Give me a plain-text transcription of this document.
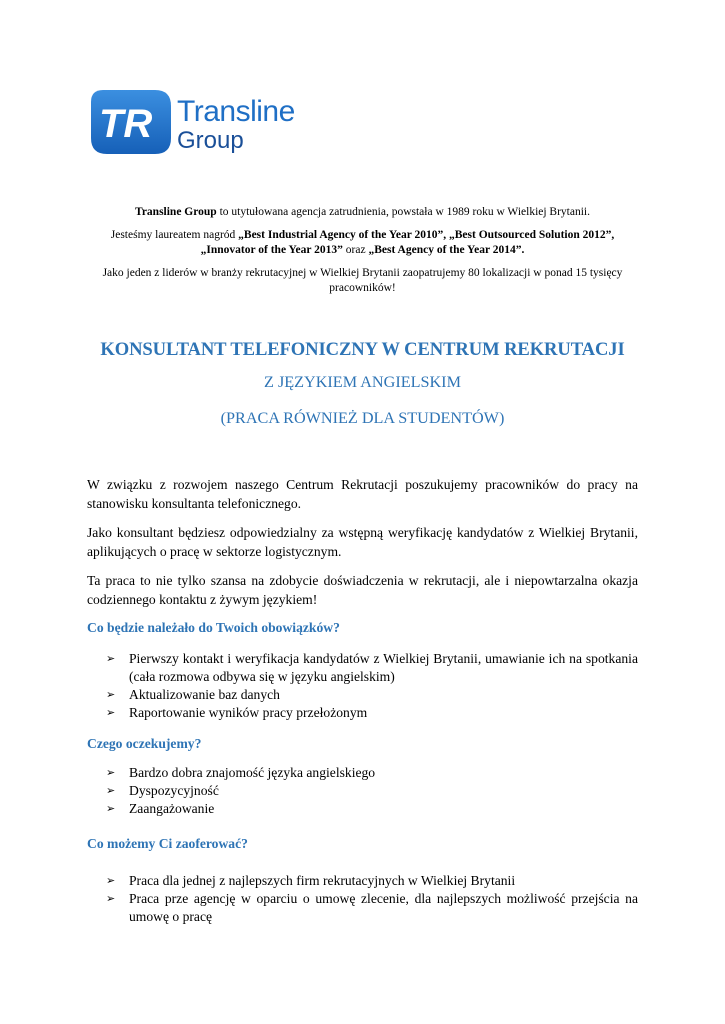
TR Transline
Group
Transline Group to utytułowana agencja zatrudnienia, powstała w 1989 roku w Wielkiej Brytanii.
Jesteśmy laureatem nagród „Best Industrial Agency of the Year 2010”, „Best Outsourced Solution 2012”, „Innovator of the Year 2013” oraz „Best Agency of the Year 2014”.
Jako jeden z liderów w branży rekrutacyjnej w Wielkiej Brytanii zaopatrujemy 80 lokalizacji w ponad 15 tysięcy pracowników!
KONSULTANT TELEFONICZNY W CENTRUM REKRUTACJI
Z JĘZYKIEM ANGIELSKIM
(PRACA RÓWNIEŻ DLA STUDENTÓW)
W związku z rozwojem naszego Centrum Rekrutacji poszukujemy pracowników do pracy na stanowisku konsultanta telefonicznego.
Jako konsultant będziesz odpowiedzialny za wstępną weryfikację kandydatów z Wielkiej Brytanii, aplikujących o pracę w sektorze logistycznym.
Ta praca to nie tylko szansa na zdobycie doświadczenia w rekrutacji, ale i niepowtarzalna okazja codziennego kontaktu z żywym językiem!
Co będzie należało do Twoich obowiązków?
➢ Pierwszy kontakt i weryfikacja kandydatów z Wielkiej Brytanii, umawianie ich na spotkania (cała rozmowa odbywa się w języku angielskim)
➢ Aktualizowanie baz danych
➢ Raportowanie wyników pracy przełożonym
Czego oczekujemy?
➢ Bardzo dobra znajomość języka angielskiego
➢ Dyspozycyjność
➢ Zaangażowanie
Co możemy Ci zaoferować?
➢ Praca dla jednej z najlepszych firm rekrutacyjnych w Wielkiej Brytanii
➢ Praca prze agencję w oparciu o umowę zlecenie, dla najlepszych możliwość przejścia na umowę o pracę
